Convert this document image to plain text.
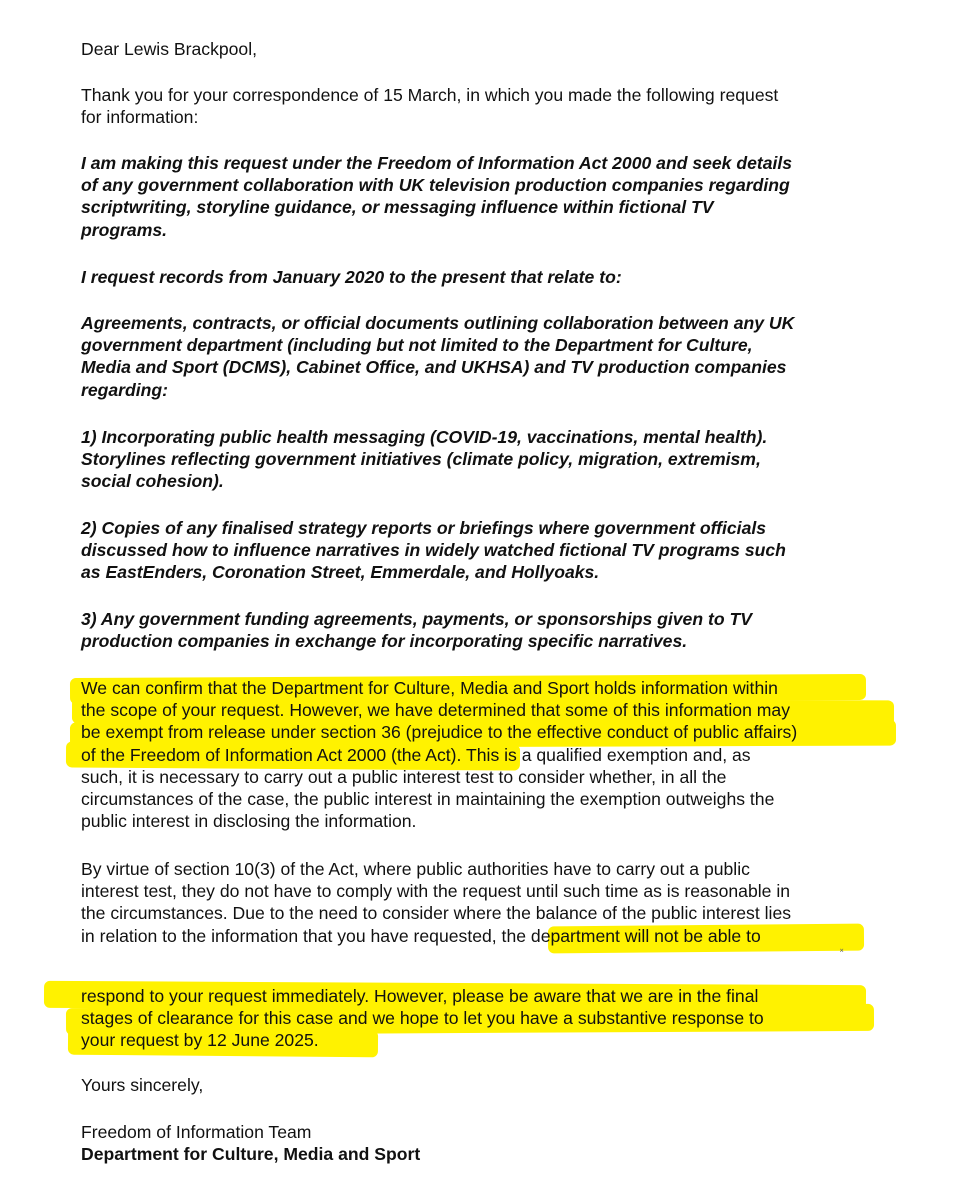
Dear Lewis Brackpool,

Thank you for your correspondence of 15 March, in which you made the following request
for information:

I am making this request under the Freedom of Information Act 2000 and seek details
of any government collaboration with UK television production companies regarding
scriptwriting, storyline guidance, or messaging influence within fictional TV
programs.

I request records from January 2020 to the present that relate to:

Agreements, contracts, or official documents outlining collaboration between any UK
government department (including but not limited to the Department for Culture,
Media and Sport (DCMS), Cabinet Office, and UKHSA) and TV production companies
regarding:

1) Incorporating public health messaging (COVID-19, vaccinations, mental health).
Storylines reflecting government initiatives (climate policy, migration, extremism,
social cohesion).

2) Copies of any finalised strategy reports or briefings where government officials
discussed how to influence narratives in widely watched fictional TV programs such
as EastEnders, Coronation Street, Emmerdale, and Hollyoaks.

3) Any government funding agreements, payments, or sponsorships given to TV
production companies in exchange for incorporating specific narratives.

We can confirm that the Department for Culture, Media and Sport holds information within
the scope of your request. However, we have determined that some of this information may
be exempt from release under section 36 (prejudice to the effective conduct of public affairs)
of the Freedom of Information Act 2000 (the Act). This is a qualified exemption and, as
such, it is necessary to carry out a public interest test to consider whether, in all the
circumstances of the case, the public interest in maintaining the exemption outweighs the
public interest in disclosing the information.

By virtue of section 10(3) of the Act, where public authorities have to carry out a public
interest test, they do not have to comply with the request until such time as is reasonable in
the circumstances. Due to the need to consider where the balance of the public interest lies
in relation to the information that you have requested, the department will not be able to

˟

respond to your request immediately. However, please be aware that we are in the final
stages of clearance for this case and we hope to let you have a substantive response to
your request by 12 June 2025.

Yours sincerely,

Freedom of Information Team
Department for Culture, Media and Sport
